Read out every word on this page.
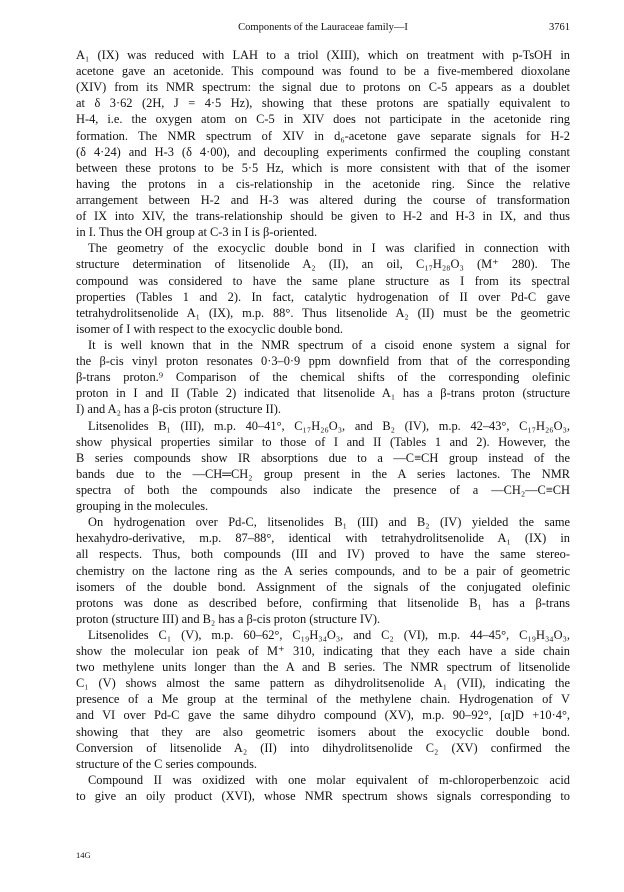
Components of the Lauraceae family—I	3761
A₁ (IX) was reduced with LAH to a triol (XIII), which on treatment with p-TsOH in
acetone gave an acetonide. This compound was found to be a five-membered dioxolane
(XIV) from its NMR spectrum: the signal due to protons on C-5 appears as a doublet
at δ 3·62 (2H, J = 4·5 Hz), showing that these protons are spatially equivalent to
H-4, i.e. the oxygen atom on C-5 in XIV does not participate in the acetonide ring
formation. The NMR spectrum of XIV in d₆-acetone gave separate signals for H-2
(δ 4·24) and H-3 (δ 4·00), and decoupling experiments confirmed the coupling constant
between these protons to be 5·5 Hz, which is more consistent with that of the isomer
having the protons in a cis-relationship in the acetonide ring. Since the relative
arrangement between H-2 and H-3 was altered during the course of transformation
of IX into XIV, the trans-relationship should be given to H-2 and H-3 in IX, and thus
in I. Thus the OH group at C-3 in I is β-oriented.
The geometry of the exocyclic double bond in I was clarified in connection with
structure determination of litsenolide A₂ (II), an oil, C₁₇H₂₈O₃ (M⁺ 280). The
compound was considered to have the same plane structure as I from its spectral
properties (Tables 1 and 2). In fact, catalytic hydrogenation of II over Pd-C gave
tetrahydrolitsenolide A₁ (IX), m.p. 88°. Thus litsenolide A₂ (II) must be the geometric
isomer of I with respect to the exocyclic double bond.
It is well known that in the NMR spectrum of a cisoid enone system a signal for
the β-cis vinyl proton resonates 0·3–0·9 ppm downfield from that of the corresponding
β-trans proton.⁹ Comparison of the chemical shifts of the corresponding olefinic
proton in I and II (Table 2) indicated that litsenolide A₁ has a β-trans proton (structure
I) and A₂ has a β-cis proton (structure II).
Litsenolides B₁ (III), m.p. 40–41°, C₁₇H₂₆O₃, and B₂ (IV), m.p. 42–43°, C₁₇H₂₆O₃,
show physical properties similar to those of I and II (Tables 1 and 2). However, the
B series compounds show IR absorptions due to a —C≡CH group instead of the
bands due to the —CH═CH₂ group present in the A series lactones. The NMR
spectra of both the compounds also indicate the presence of a —CH₂—C≡CH
grouping in the molecules.
On hydrogenation over Pd-C, litsenolides B₁ (III) and B₂ (IV) yielded the same
hexahydro-derivative, m.p. 87–88°, identical with tetrahydrolitsenolide A₁ (IX) in
all respects. Thus, both compounds (III and IV) proved to have the same stereo-
chemistry on the lactone ring as the A series compounds, and to be a pair of geometric
isomers of the double bond. Assignment of the signals of the conjugated olefinic
protons was done as described before, confirming that litsenolide B₁ has a β-trans
proton (structure III) and B₂ has a β-cis proton (structure IV).
Litsenolides C₁ (V), m.p. 60–62°, C₁₉H₃₄O₃, and C₂ (VI), m.p. 44–45°, C₁₉H₃₄O₃,
show the molecular ion peak of M⁺ 310, indicating that they each have a side chain
two methylene units longer than the A and B series. The NMR spectrum of litsenolide
C₁ (V) shows almost the same pattern as dihydrolitsenolide A₁ (VII), indicating the
presence of a Me group at the terminal of the methylene chain. Hydrogenation of V
and VI over Pd-C gave the same dihydro compound (XV), m.p. 90–92°, [α]D +10·4°,
showing that they are also geometric isomers about the exocyclic double bond.
Conversion of litsenolide A₂ (II) into dihydrolitsenolide C₂ (XV) confirmed the
structure of the C series compounds.
Compound II was oxidized with one molar equivalent of m-chloroperbenzoic acid
to give an oily product (XVI), whose NMR spectrum shows signals corresponding to
14G
